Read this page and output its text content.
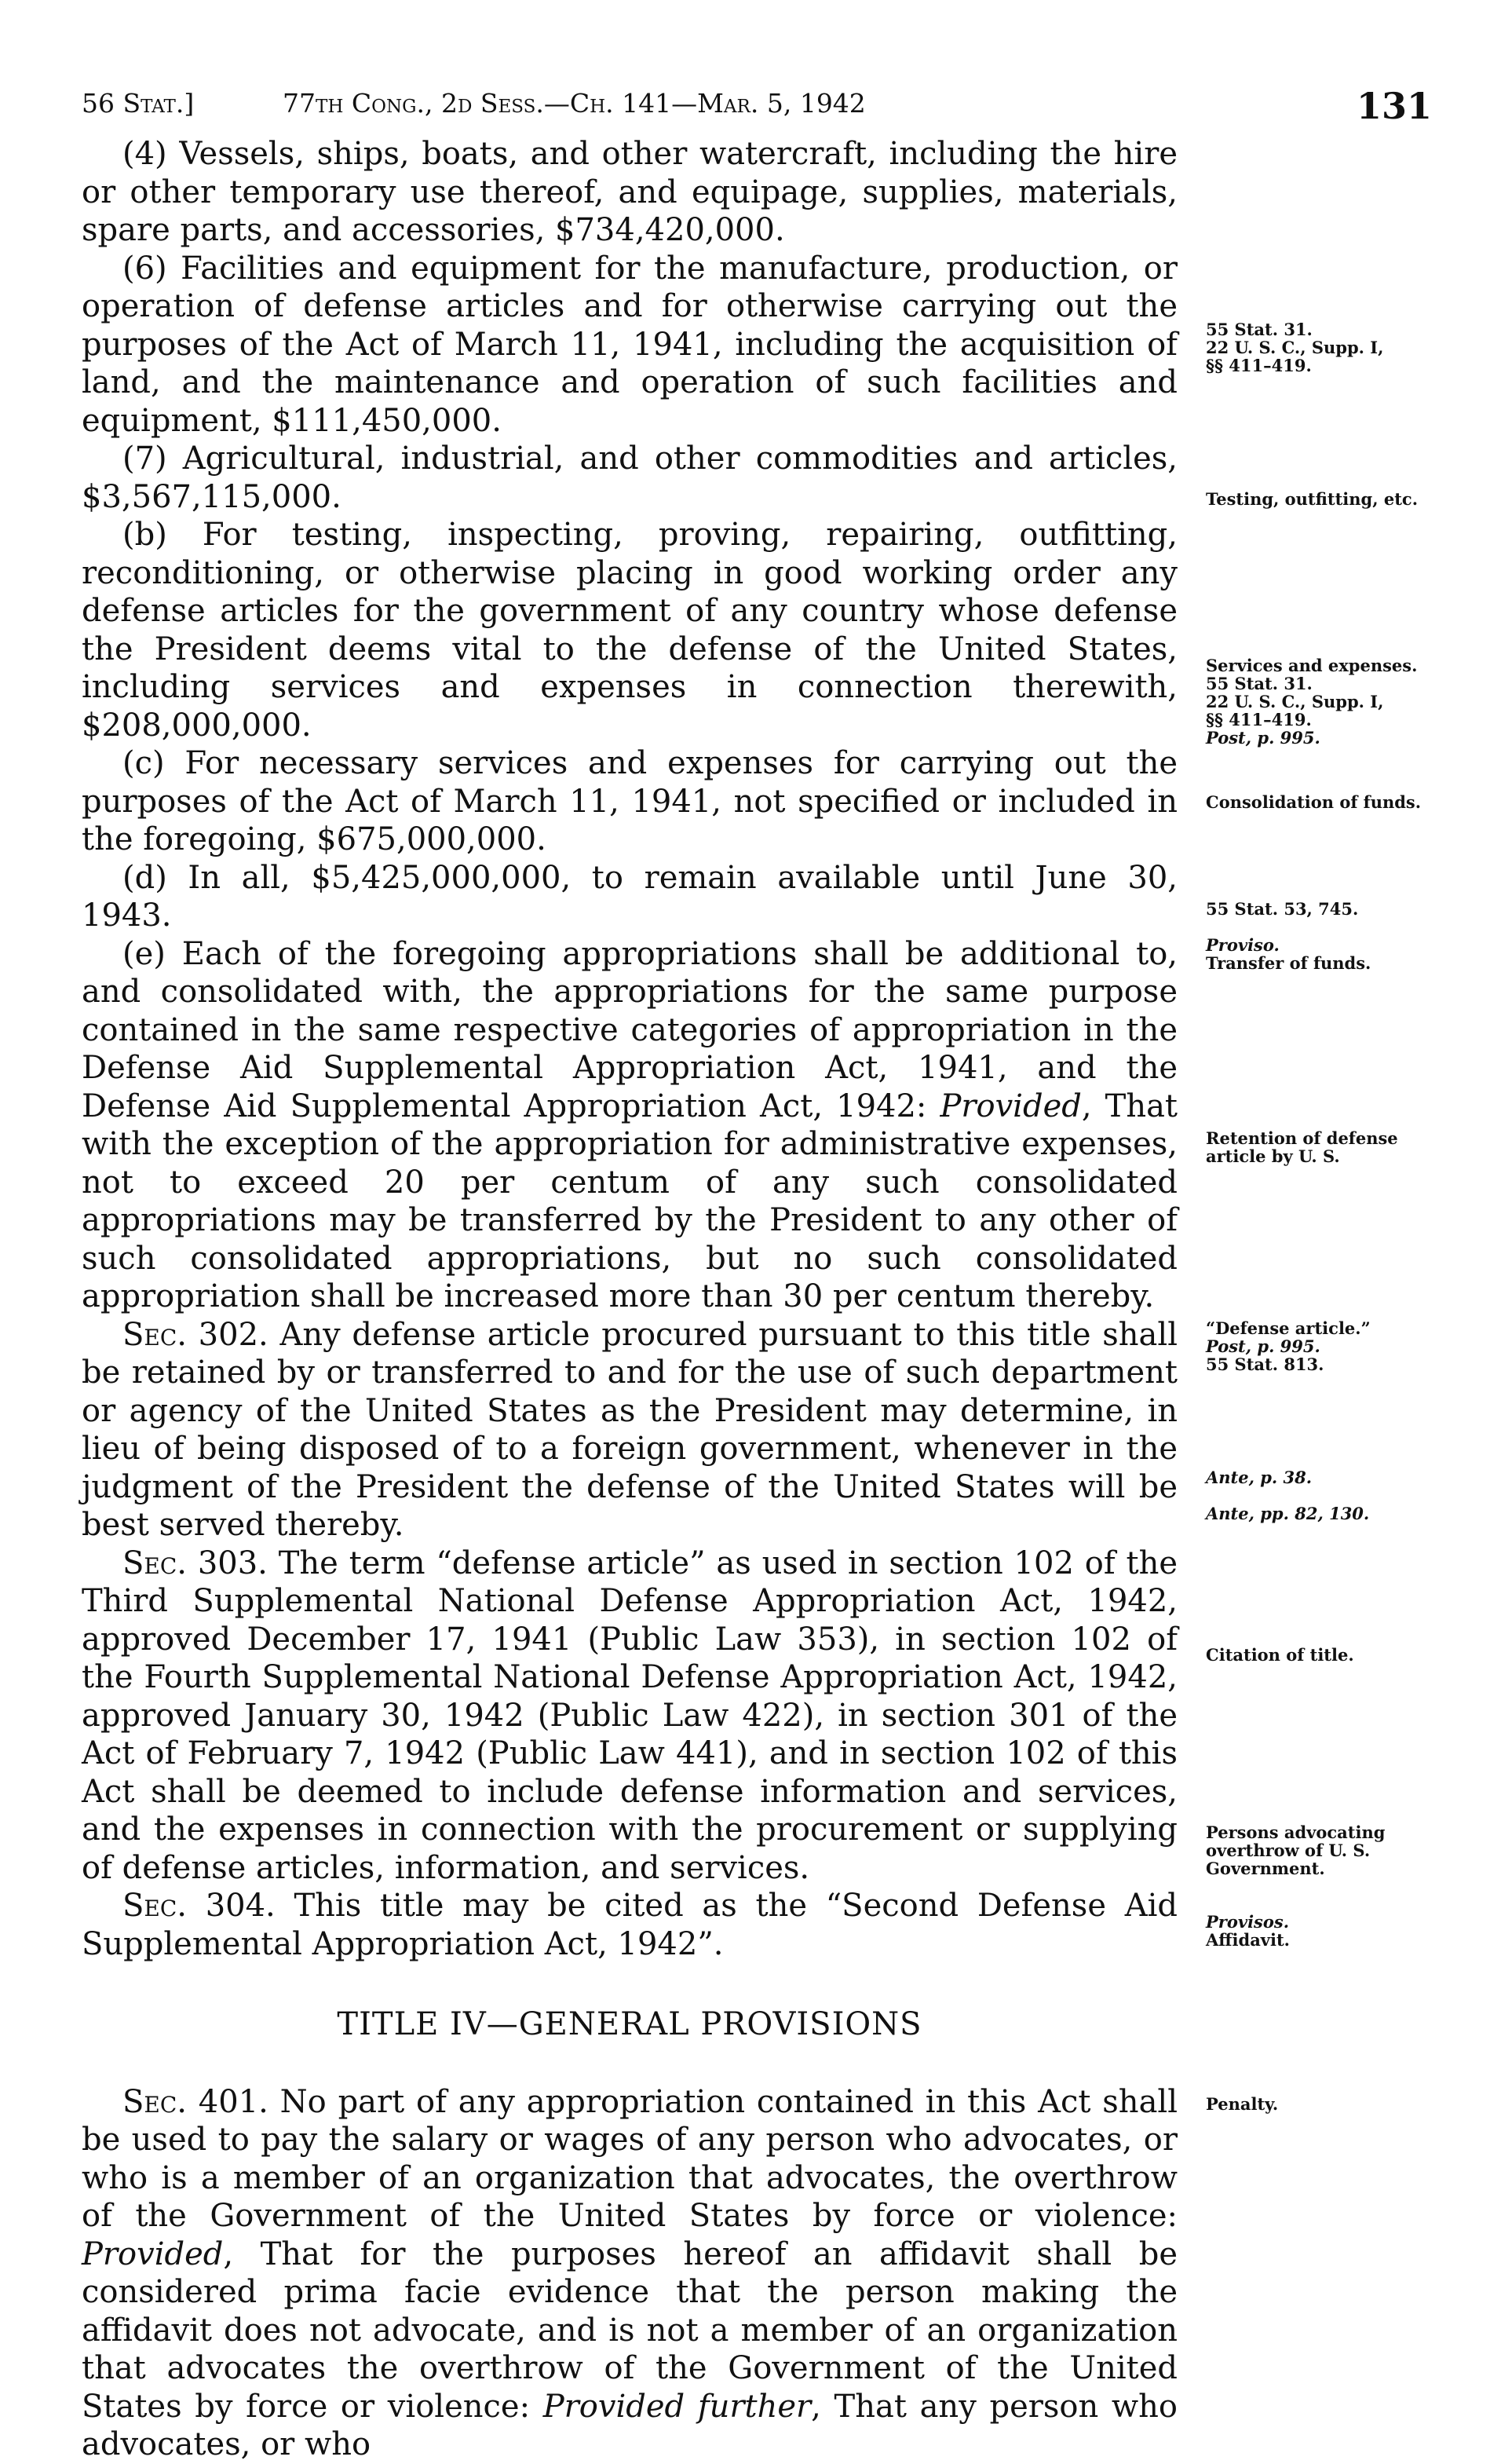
56 Stat.]	77th Cong., 2d Sess.—Ch. 141—Mar. 5, 1942	131

(4) Vessels, ships, boats, and other watercraft, including the hire or other temporary use thereof, and equipage, supplies, materials, spare parts, and accessories, $734,420,000.

(6) Facilities and equipment for the manufacture, production, or operation of defense articles and for otherwise carrying out the purposes of the Act of March 11, 1941, including the acquisition of land, and the maintenance and operation of such facilities and equipment, $111,450,000.

(7) Agricultural, industrial, and other commodities and articles, $3,567,115,000.

(b) For testing, inspecting, proving, repairing, outfitting, reconditioning, or otherwise placing in good working order any defense articles for the government of any country whose defense the President deems vital to the defense of the United States, including services and expenses in connection therewith, $208,000,000.

(c) For necessary services and expenses for carrying out the purposes of the Act of March 11, 1941, not specified or included in the foregoing, $675,000,000.

(d) In all, $5,425,000,000, to remain available until June 30, 1943.

(e) Each of the foregoing appropriations shall be additional to, and consolidated with, the appropriations for the same purpose contained in the same respective categories of appropriation in the Defense Aid Supplemental Appropriation Act, 1941, and the Defense Aid Supplemental Appropriation Act, 1942: Provided, That with the exception of the appropriation for administrative expenses, not to exceed 20 per centum of any such consolidated appropriations may be transferred by the President to any other of such consolidated appropriations, but no such consolidated appropriation shall be increased more than 30 per centum thereby.

Sec. 302. Any defense article procured pursuant to this title shall be retained by or transferred to and for the use of such department or agency of the United States as the President may determine, in lieu of being disposed of to a foreign government, whenever in the judgment of the President the defense of the United States will be best served thereby.

Sec. 303. The term “defense article” as used in section 102 of the Third Supplemental National Defense Appropriation Act, 1942, approved December 17, 1941 (Public Law 353), in section 102 of the Fourth Supplemental National Defense Appropriation Act, 1942, approved January 30, 1942 (Public Law 422), in section 301 of the Act of February 7, 1942 (Public Law 441), and in section 102 of this Act shall be deemed to include defense information and services, and the expenses in connection with the procurement or supplying of defense articles, information, and services.

Sec. 304. This title may be cited as the “Second Defense Aid Supplemental Appropriation Act, 1942”.

TITLE IV—GENERAL PROVISIONS

Sec. 401. No part of any appropriation contained in this Act shall be used to pay the salary or wages of any person who advocates, or who is a member of an organization that advocates, the overthrow of the Government of the United States by force or violence: Provided, That for the purposes hereof an affidavit shall be considered prima facie evidence that the person making the affidavit does not advocate, and is not a member of an organization that advocates the overthrow of the Government of the United States by force or violence: Provided further, That any person who advocates, or who

55 Stat. 31.
22 U. S. C., Supp. I,
§§ 411–419.
Testing, outfitting, etc.
Services and expenses.
55 Stat. 31.
22 U. S. C., Supp. I,
§§ 411–419.
Post, p. 995.
Consolidation of funds.
55 Stat. 53, 745.
Proviso.
Transfer of funds.
Retention of defense article by U. S.
“Defense article.”
Post, p. 995.
55 Stat. 813.
Ante, p. 38.
Ante, pp. 82, 130.
Citation of title.
Persons advocating overthrow of U. S. Government.
Provisos.
Affidavit.
Penalty.
